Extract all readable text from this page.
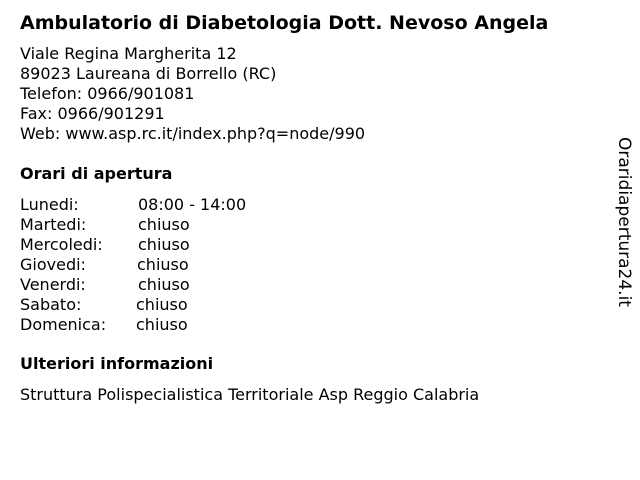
Ambulatorio di Diabetologia Dott. Nevoso Angela
Viale Regina Margherita 12
89023 Laureana di Borrello (RC)
Telefon: 0966/901081
Fax: 0966/901291
Web: www.asp.rc.it/index.php?q=node/990
Orari di apertura
Lunedi:	08:00 - 14:00
Martedi:	chiuso
Mercoledi: chiuso
Giovedi:	chiuso
Venerdi:	chiuso
Sabato:	chiuso
Domenica: chiuso
Ulteriori informazioni
Struttura Polispecialistica Territoriale Asp Reggio Calabria
Oraridiapertura24.it
